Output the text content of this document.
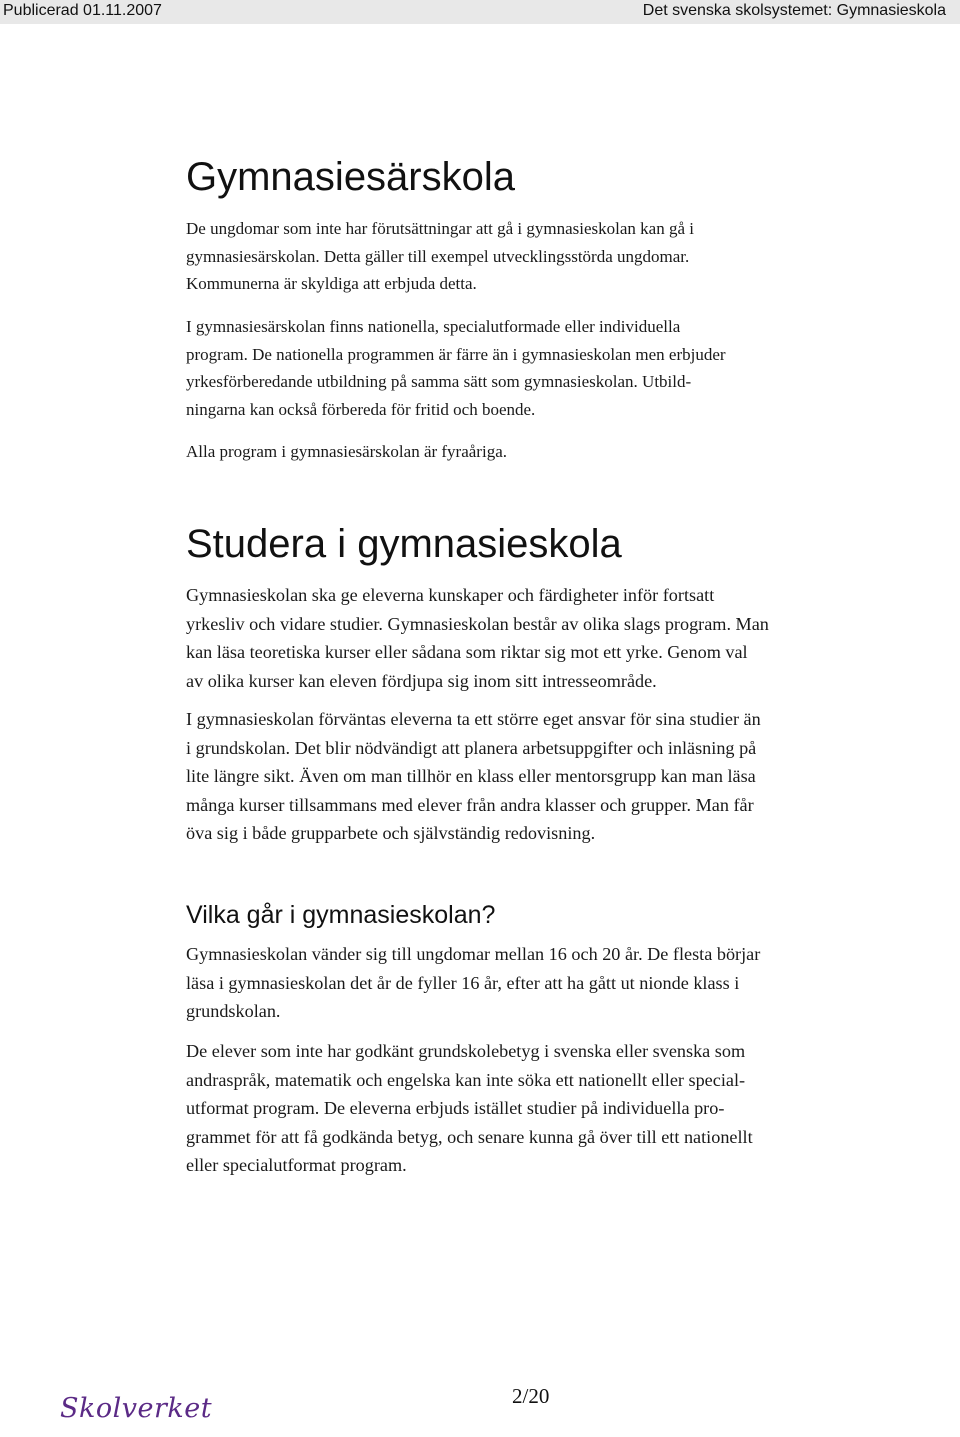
Publicerad 01.11.2007	Det svenska skolsystemet: Gymnasieskola
Gymnasiesärskola

De ungdomar som inte har förutsättningar att gå i gymnasieskolan kan gå i
gymnasiesärskolan. Detta gäller till exempel utvecklingsstörda ungdomar.
Kommunerna är skyldiga att erbjuda detta.

I gymnasiesärskolan finns nationella, specialutformade eller individuella
program. De nationella programmen är färre än i gymnasieskolan men erbjuder
yrkesförberedande utbildning på samma sätt som gymnasieskolan. Utbild-
ningarna kan också förbereda för fritid och boende.

Alla program i gymnasiesärskolan är fyraåriga.

Studera i gymnasieskola

Gymnasieskolan ska ge eleverna kunskaper och färdigheter inför fortsatt
yrkesliv och vidare studier. Gymnasieskolan består av olika slags program. Man
kan läsa teoretiska kurser eller sådana som riktar sig mot ett yrke. Genom val
av olika kurser kan eleven fördjupa sig inom sitt intresseområde.

I gymnasieskolan förväntas eleverna ta ett större eget ansvar för sina studier än
i grundskolan. Det blir nödvändigt att planera arbetsuppgifter och inläsning på
lite längre sikt. Även om man tillhör en klass eller mentorsgrupp kan man läsa
många kurser tillsammans med elever från andra klasser och grupper. Man får
öva sig i både grupparbete och självständig redovisning.

Vilka går i gymnasieskolan?

Gymnasieskolan vänder sig till ungdomar mellan 16 och 20 år. De flesta börjar
läsa i gymnasieskolan det år de fyller 16 år, efter att ha gått ut nionde klass i
grundskolan.

De elever som inte har godkänt grundskolebetyg i svenska eller svenska som
andraspråk, matematik och engelska kan inte söka ett nationellt eller special-
utformat program. De eleverna erbjuds istället studier på individuella pro-
grammet för att få godkända betyg, och senare kunna gå över till ett nationellt
eller specialutformat program.

Skolverket	2/20
